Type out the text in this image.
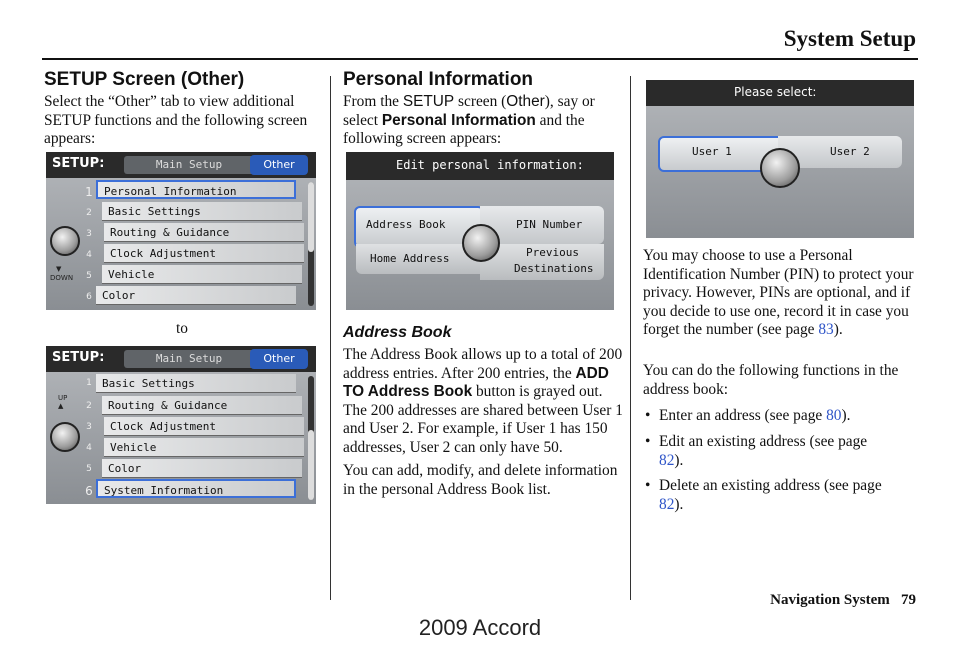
System Setup
SETUP Screen (Other)

Select the “Other” tab to view additional SETUP functions and the following screen appears:

SETUP:	Main Setup	Other
1
2
3
4
5
6
Personal Information
Basic Settings
Routing & Guidance
Clock Adjustment
Vehicle
Color
▼
DOWN
to
SETUP:	Main Setup	Other
1
2
3
4
5
6
Basic Settings
Routing & Guidance
Clock Adjustment
Vehicle
Color
System Information
UP
▲
Personal Information

From the SETUP screen (Other), say or select Personal Information and the following screen appears:

Edit personal information:
Address Book	PIN Number
Home Address	Previous
Destinations
Address Book

The Address Book allows up to a total of 200 address entries. After 200 entries, the ADD TO Address Book button is grayed out. The 200 addresses are shared between User 1 and User 2. For example, if User 1 has 150 addresses, User 2 can only have 50.

You can add, modify, and delete information in the personal Address Book list.

Please select:
User 1	User 2

You may choose to use a Personal Identification Number (PIN) to protect your privacy. However, PINs are optional, and if you decide to use one, record it in case you forget the number (see page 83).

You can do the following functions in the address book:

• Enter an address (see page 80).

• Edit an existing address (see page 82).

• Delete an existing address (see page 82).

Navigation System 79
2009 Accord
